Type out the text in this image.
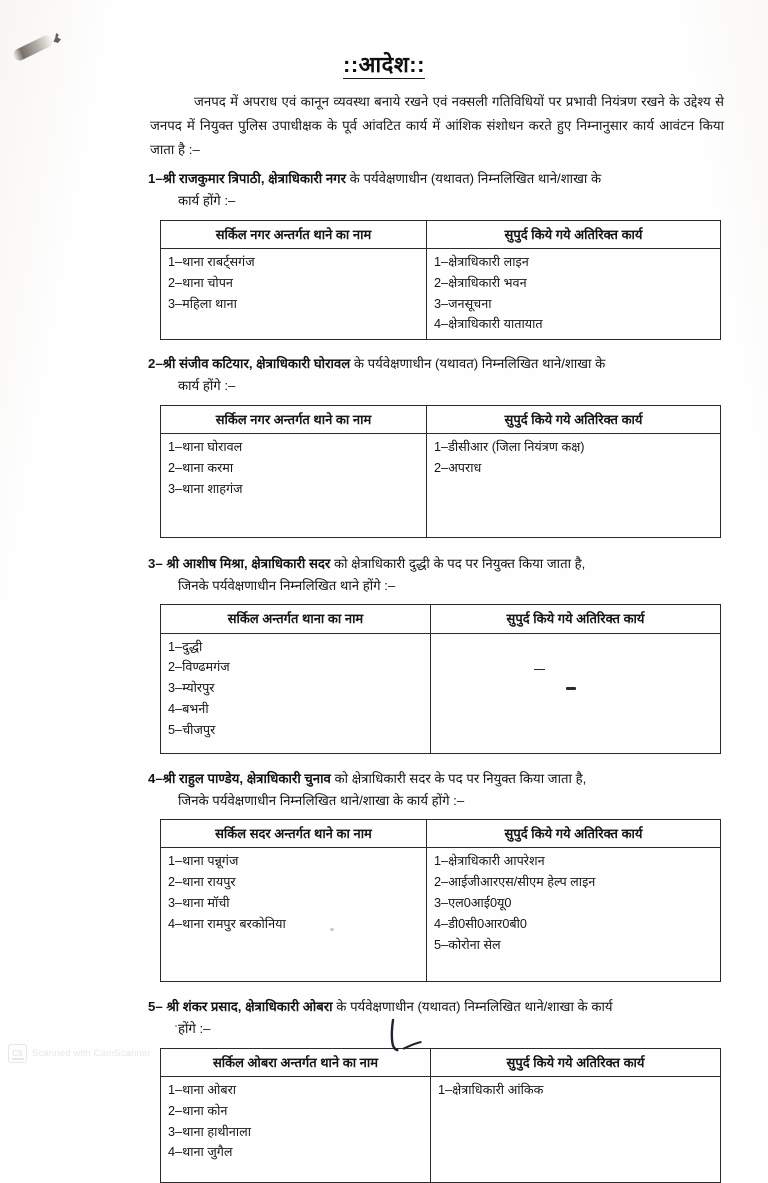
::आदेश::

जनपद में अपराध एवं कानून व्यवस्था बनाये रखने एवं नक्सली गतिविधियों पर प्रभावी नियंत्रण रखने के उद्देश्य से जनपद में नियुक्त पुलिस उपाधीक्षक के पूर्व आंवटित कार्य में आंशिक संशोधन करते हुए निम्नानुसार कार्य आवंटन किया जाता है :–

1–श्री राजकुमार त्रिपाठी, क्षेत्राधिकारी नगर के पर्यवेक्षणाधीन (यथावत) निम्नलिखित थाने/शाखा के
कार्य होंगे :–
सर्किल नगर अन्तर्गत थाने का नाम	सुपुर्द किये गये अतिरिक्त कार्य

1–थाना राबर्ट्सगंज
2–थाना चोपन
3–महिला थाना

1–क्षेत्राधिकारी लाइन
2–क्षेत्राधिकारी भवन
3–जनसूचना
4–क्षेत्राधिकारी यातायात
2–श्री संजीव कटियार, क्षेत्राधिकारी घोरावल के पर्यवेक्षणाधीन (यथावत) निम्नलिखित थाने/शाखा के
कार्य होंगे :–
सर्किल नगर अन्तर्गत थाने का नाम	सुपुर्द किये गये अतिरिक्त कार्य

1–थाना घोरावल
2–थाना करमा
3–थाना शाहगंज

1–डीसीआर (जिला नियंत्रण कक्ष)
2–अपराध
3– श्री आशीष मिश्रा, क्षेत्राधिकारी सदर को क्षेत्राधिकारी दुद्धी के पद पर नियुक्त किया जाता है,
जिनके पर्यवेक्षणाधीन निम्नलिखित थाने होंगे :–
सर्किल अन्तर्गत थाना का नाम	सुपुर्द किये गये अतिरिक्त कार्य

1–दुद्धी
2–विण्ढमगंज
3–म्योरपुर
4–बभनी
5–चीजपुर

4–श्री राहुल पाण्डेय, क्षेत्राधिकारी चुनाव को क्षेत्राधिकारी सदर के पद पर नियुक्त किया जाता है,
जिनके पर्यवेक्षणाधीन निम्नलिखित थाने/शाखा के कार्य होंगे :–
सर्किल सदर अन्तर्गत थाने का नाम	सुपुर्द किये गये अतिरिक्त कार्य

1–थाना पन्नूगंज
2–थाना रायपुर
3–थाना मॉची
4–थाना रामपुर बरकोनिया

1–क्षेत्राधिकारी आपरेशन
2–आईजीआरएस/सीएम हेल्प लाइन
3–एल0आई0यू0
4–डी0सी0आर0बी0
5–कोरोना सेल
5– श्री शंकर प्रसाद, क्षेत्राधिकारी ओबरा के पर्यवेक्षणाधीन (यथावत) निम्नलिखित थाने/शाखा के कार्य
होंगे :–
सर्किल ओबरा अन्तर्गत थाने का नाम	सुपुर्द किये गये अतिरिक्त कार्य

1–थाना ओबरा
2–थाना कोन
3–थाना हाथीनाला
4–थाना जुगैल

1–क्षेत्राधिकारी आंकिक
CS Scanned with CamScanner
